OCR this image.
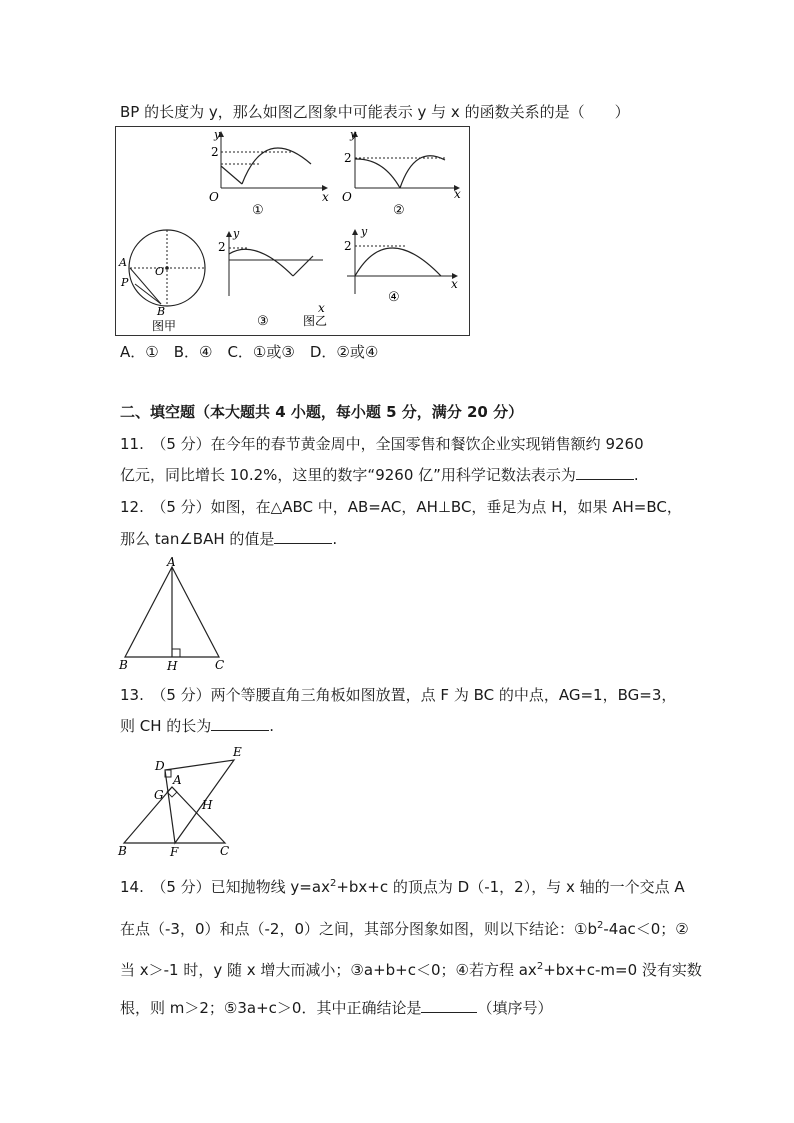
BP 的长度为 y，那么如图乙图象中可能表示 y 与 x 的函数关系的是（　　）
y
2
O	x
①
y
2
O	x
②
A
O
P
B
图甲
y
2
x
③	图乙
y
2
x
④
A．①　B．④　C．①或③　D．②或④
二、填空题（本大题共 4 小题，每小题 5 分，满分 20 分）
11.　（5 分）在今年的春节黄金周中，全国零售和餐饮企业实现销售额约 9260
亿元，同比增长 10.2%，这里的数字“9260 亿”用科学记数法表示为	.
12.　（5 分）如图，在△ABC 中，AB=AC，AH⊥BC，垂足为点 H，如果 AH=BC，
那么 tan∠BAH 的值是	.
A
B	H	C
13.　（5 分）两个等腰直角三角板如图放置，点 F 为 BC 的中点，AG=1，BG=3，
则 CH 的长为	.
D
E
A
G
H
B	F	C
14.　（5 分）已知抛物线 $y=ax^2+bx+c$ 的顶点为 D（-1，2），与 x 轴的一个交点 A
在点（-3，0）和点（-2，0）之间，其部分图象如图，则以下结论：$①b^2-4ac<0$；②
当 x＞-1 时，y 随 x 增大而减小；③a+b+c＜0；④若方程 $ax^2+bx+c-m=0$ 没有实数
根，则 m＞2；⑤3a+c＞0．其中正确结论是	（填序号）
